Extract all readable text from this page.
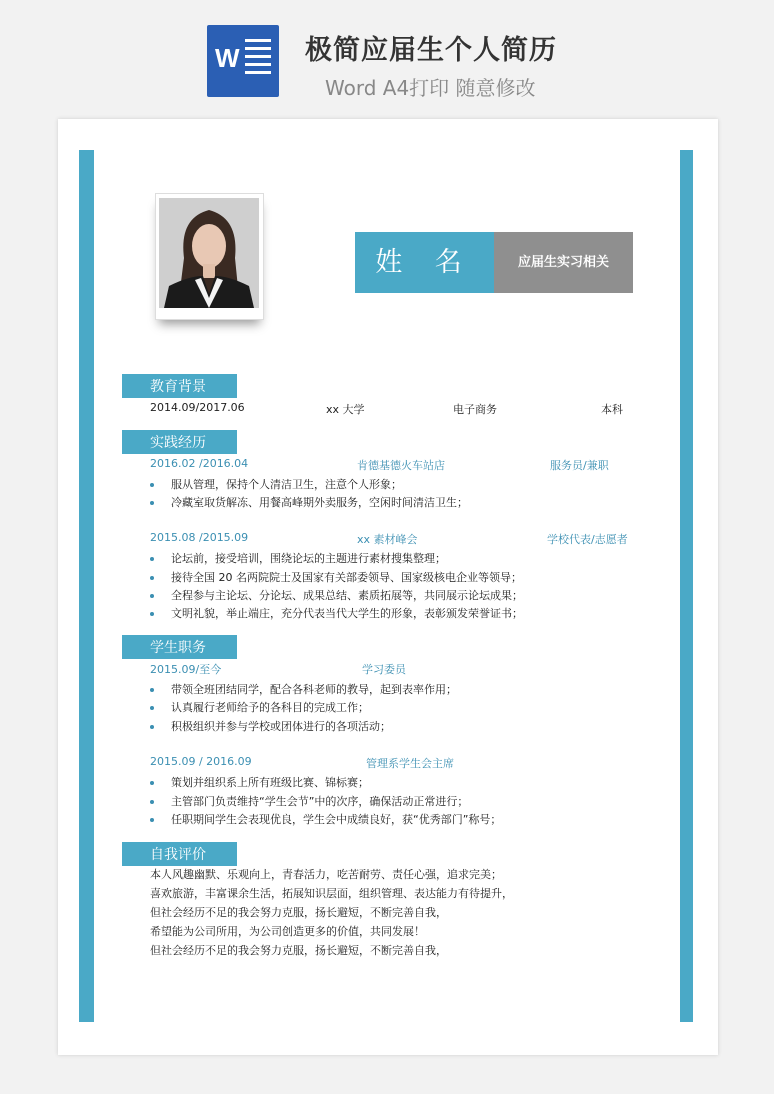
W 极简应届生个人简历
Word A4打印 随意修改
姓 名	应届生实习相关
教育背景
2014.09/2017.06	xx 大学	电子商务	本科
实践经历
2016.02 /2016.04	肯德基德火车站店	服务员/兼职
服从管理，保持个人清洁卫生，注意个人形象；
冷藏室取货解冻、用餐高峰期外卖服务，空闲时间清洁卫生；
2015.08 /2015.09	xx 素材峰会	学校代表/志愿者
论坛前，接受培训，围绕论坛的主题进行素材搜集整理；
接待全国 20 名两院院士及国家有关部委领导、国家级核电企业等领导；
全程参与主论坛、分论坛、成果总结、素质拓展等，共同展示论坛成果；
文明礼貌，举止端庄，充分代表当代大学生的形象，表彰颁发荣誉证书；
学生职务
2015.09/至今	学习委员
带领全班团结同学，配合各科老师的教导，起到表率作用；
认真履行老师给予的各科目的完成工作；
积极组织并参与学校或团体进行的各项活动；
2015.09 / 2016.09	管理系学生会主席
策划并组织系上所有班级比赛、锦标赛；
主管部门负责维持“学生会节”中的次序，确保活动正常进行；
任职期间学生会表现优良，学生会中成绩良好，获“优秀部门”称号；
自我评价
本人风趣幽默、乐观向上，青春活力，吃苦耐劳、责任心强，追求完美；
喜欢旅游，丰富课余生活，拓展知识层面，组织管理、表达能力有待提升，
但社会经历不足的我会努力克服，扬长避短，不断完善自我，
希望能为公司所用，为公司创造更多的价值，共同发展！
但社会经历不足的我会努力克服，扬长避短，不断完善自我，
